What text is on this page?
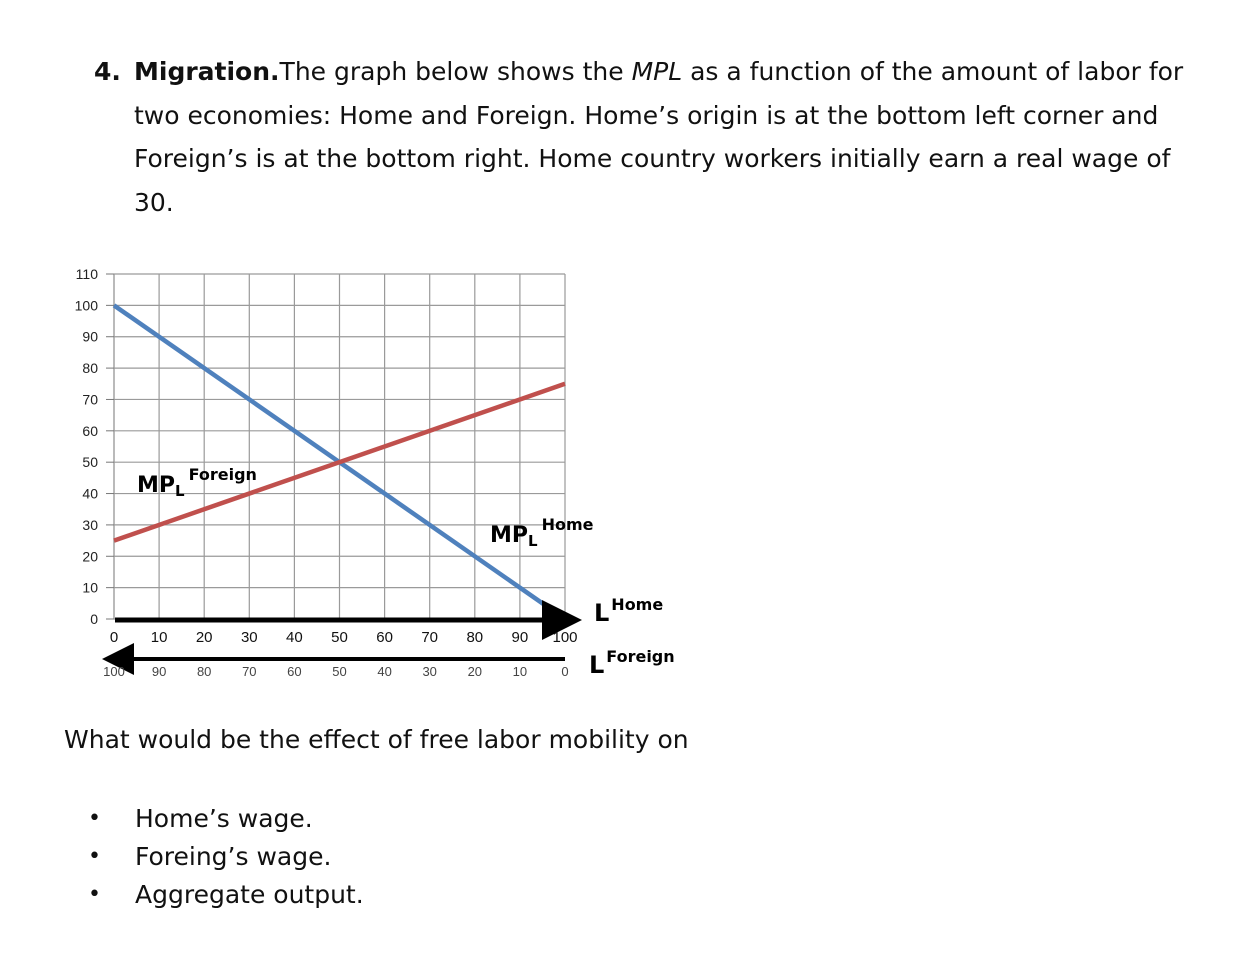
4. Migration.The graph below shows the MPL as a function of the amount of labor for two economies: Home and Foreign. Home’s origin is at the bottom left corner and Foreign’s is at the bottom right. Home country workers initially earn a real wage of 30.
0
10
20
30
40
50
60
70
80
90
100
110
0 10 20 30 40 50 60 70 80 90 100
100 90 80 70 60 50 40 30 20 10	0
$MPL^{Foreign}$
$MPL^{Home}$
L $^{Home}$
L $^{Foreign}$
What would be the effect of free labor mobility on
• Home’s wage.
• Foreing’s wage.
• Aggregate output.
